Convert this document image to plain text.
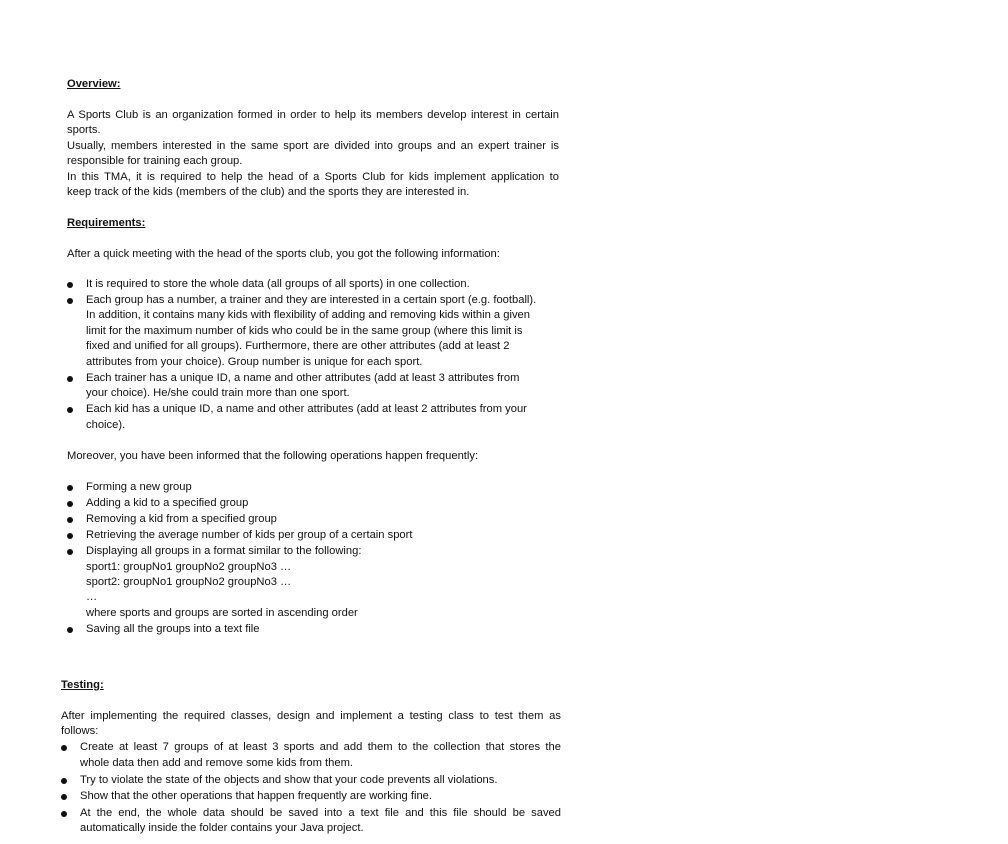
Overview:
A Sports Club is an organization formed in order to help its members develop interest in certain
sports.
Usually, members interested in the same sport are divided into groups and an expert trainer is
responsible for training each group.
In this TMA, it is required to help the head of a Sports Club for kids implement application to
keep track of the kids (members of the club) and the sports they are interested in.
Requirements:
After a quick meeting with the head of the sports club, you got the following information:
It is required to store the whole data (all groups of all sports) in one collection.
Each group has a number, a trainer and they are interested in a certain sport (e.g. football).
In addition, it contains many kids with flexibility of adding and removing kids within a given
limit for the maximum number of kids who could be in the same group (where this limit is
fixed and unified for all groups). Furthermore, there are other attributes (add at least 2
attributes from your choice). Group number is unique for each sport.
Each trainer has a unique ID, a name and other attributes (add at least 3 attributes from
your choice). He/she could train more than one sport.
Each kid has a unique ID, a name and other attributes (add at least 2 attributes from your
choice).
Moreover, you have been informed that the following operations happen frequently:
Forming a new group
Adding a kid to a specified group
Removing a kid from a specified group
Retrieving the average number of kids per group of a certain sport
Displaying all groups in a format similar to the following:
sport1: groupNo1 groupNo2 groupNo3 …
sport2: groupNo1 groupNo2 groupNo3 …
…
where sports and groups are sorted in ascending order
Saving all the groups into a text file
Testing:
After implementing the required classes, design and implement a testing class to test them as
follows:
Create at least 7 groups of at least 3 sports and add them to the collection that stores the
whole data then add and remove some kids from them.
Try to violate the state of the objects and show that your code prevents all violations.
Show that the other operations that happen frequently are working fine.
At the end, the whole data should be saved into a text file and this file should be saved
automatically inside the folder contains your Java project.
